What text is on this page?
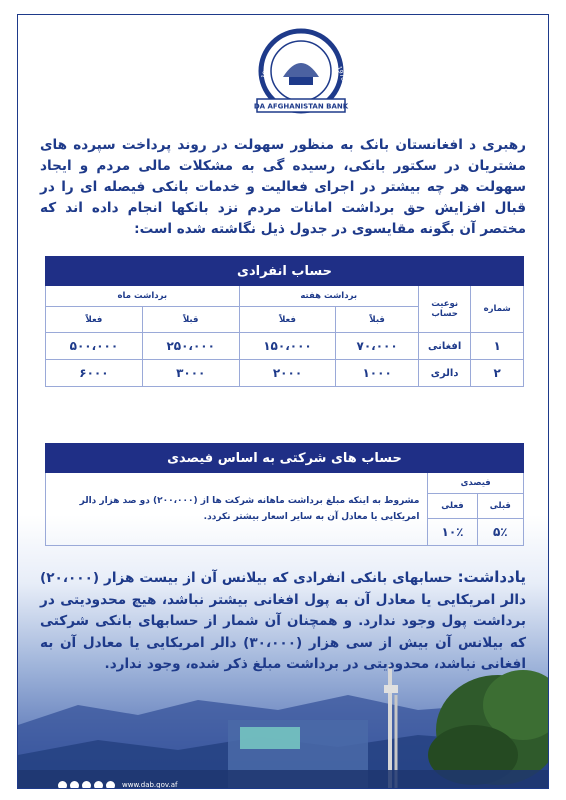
1979	1978
DA AFGHANISTAN BANK

رهبری د افغانستان بانک به منظور سهولت در روند پرداخت سپرده های مشتریان در سکتور بانکی، رسیده گی به مشکلات مالی مردم و ایجاد سهولت هر چه بیشتر در اجرای فعالیت و خدمات بانکی فیصله ای را در قبال افزایش حق برداشت امانات مردم نزد بانکها انجام داده اند که مختصر آن بگونه مقایسوی در جدول ذیل نگاشته شده است:

حساب انفرادی					
شماره	نوعیت حساب	برداشت هفته		برداشت ماه	
		قبلاً	فعلاً	قبلاً	فعلاً
۱	افغانی	۷۰،۰۰۰	۱۵۰،۰۰۰	۲۵۰،۰۰۰	۵۰۰،۰۰۰
۲	دالری	۱۰۰۰	۲۰۰۰	۳۰۰۰	۶۰۰۰
حساب های شرکتی به اساس فیصدی		
فیصدی		مشروط به اینکه مبلغ برداشت ماهانه شرکت ها از (۲۰۰،۰۰۰) دو صد هزار دالر امریکایی یا معادل آن به سایر اسعار بیشتر نکردد.
قبلی	فعلی	
۵٪	۱۰٪	

یادداشت: حسابهای بانکی انفرادی که بیلانس آن از بیست هزار (۲۰،۰۰۰) دالر امریکایی یا معادل آن به پول افغانی بیشتر نباشد، هیچ محدودیتی در برداشت پول وجود ندارد. و همچنان آن شمار از حسابهای بانکی شرکتی که بیلانس آن بیش از سی هزار (۳۰،۰۰۰) دالر امریکایی یا معادل آن به افغانی نباشد، محدودیتی در برداشت مبلغ ذکر شده، وجود ندارد.

www.dab.gov.af
